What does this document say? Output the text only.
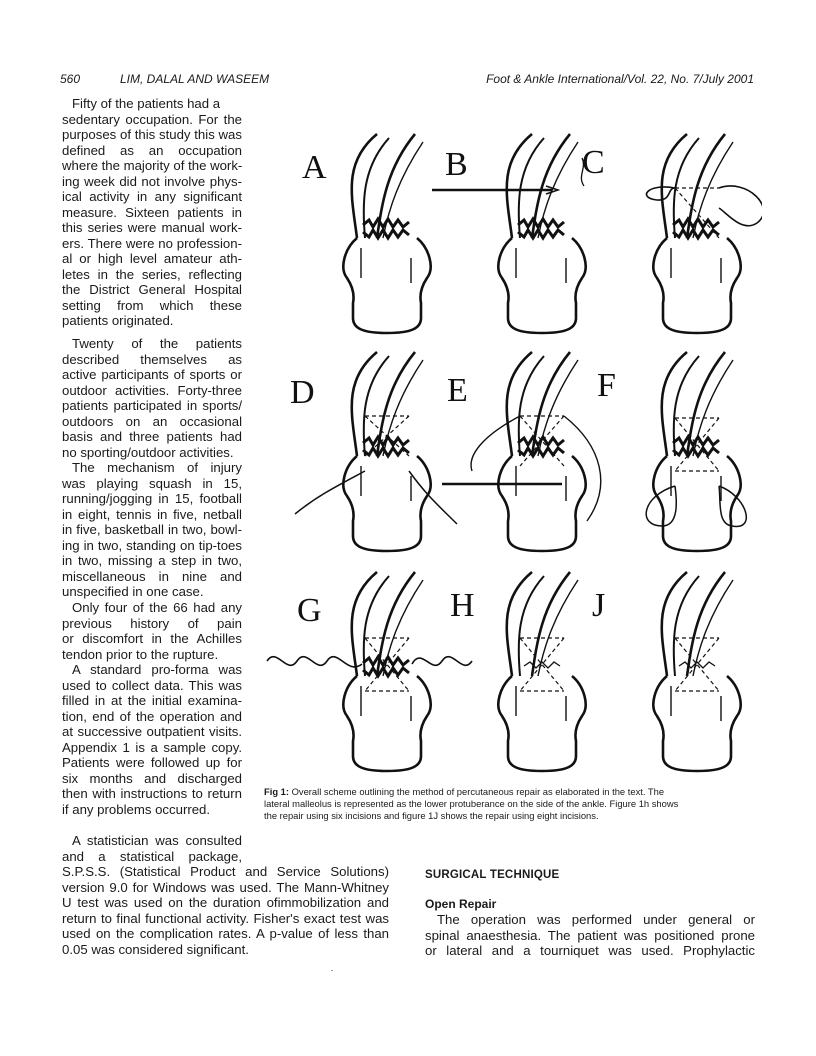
560	LIM, DALAL AND WASEEM	Foot & Ankle International/Vol. 22, No. 7/July 2001
Fifty of the patients had a
sedentary occupation. For the
purposes of this study this was
defined as an occupation
where the majority of the work-
ing week did not involve phys-
ical activity in any significant
measure. Sixteen patients in
this series were manual work-
ers. There were no profession-
al or high level amateur ath-
letes in the series, reflecting
the District General Hospital
setting from which these
patients originated.
Twenty of the patients
described themselves as
active participants of sports or
outdoor activities. Forty-three
patients participated in sports/
outdoors on an occasional
basis and three patients had
no sporting/outdoor activities.
The mechanism of injury
was playing squash in 15,
running/jogging in 15, football
in eight, tennis in five, netball
in five, basketball in two, bowl-
ing in two, standing on tip-toes
in two, missing a step in two,
miscellaneous in nine and
unspecified in one case.
Only four of the 66 had any
previous history of pain
or discomfort in the Achilles
tendon prior to the rupture.
A standard pro-forma was
used to collect data. This was
filled in at the initial examina-
tion, end of the operation and
at successive outpatient visits.
Appendix 1 is a sample copy.
Patients were followed up for
six months and discharged
then with instructions to return
if any problems occurred.
A statistician was consulted
and a statistical package,
S.P.S.S. (Statistical Product and Service Solutions)
version 9.0 for Windows was used. The Mann-Whitney
U test was used on the duration ofimmobilization and
return to final functional activity. Fisher's exact test was
used on the complication rates. A p-value of less than
0.05 was considered significant.
A	B	C
D	E	F
G	H	J
Fig 1: Overall scheme outlining the method of percutaneous repair as elaborated in the text. The
lateral malleolus is represented as the lower protuberance on the side of the ankle. Figure 1h shows
the repair using six incisions and figure 1J shows the repair using eight incisions.
SURGICAL TECHNIQUE
Open Repair
The operation was performed under general or
spinal anaesthesia. The patient was positioned prone
or lateral and a tourniquet was used. Prophylactic
